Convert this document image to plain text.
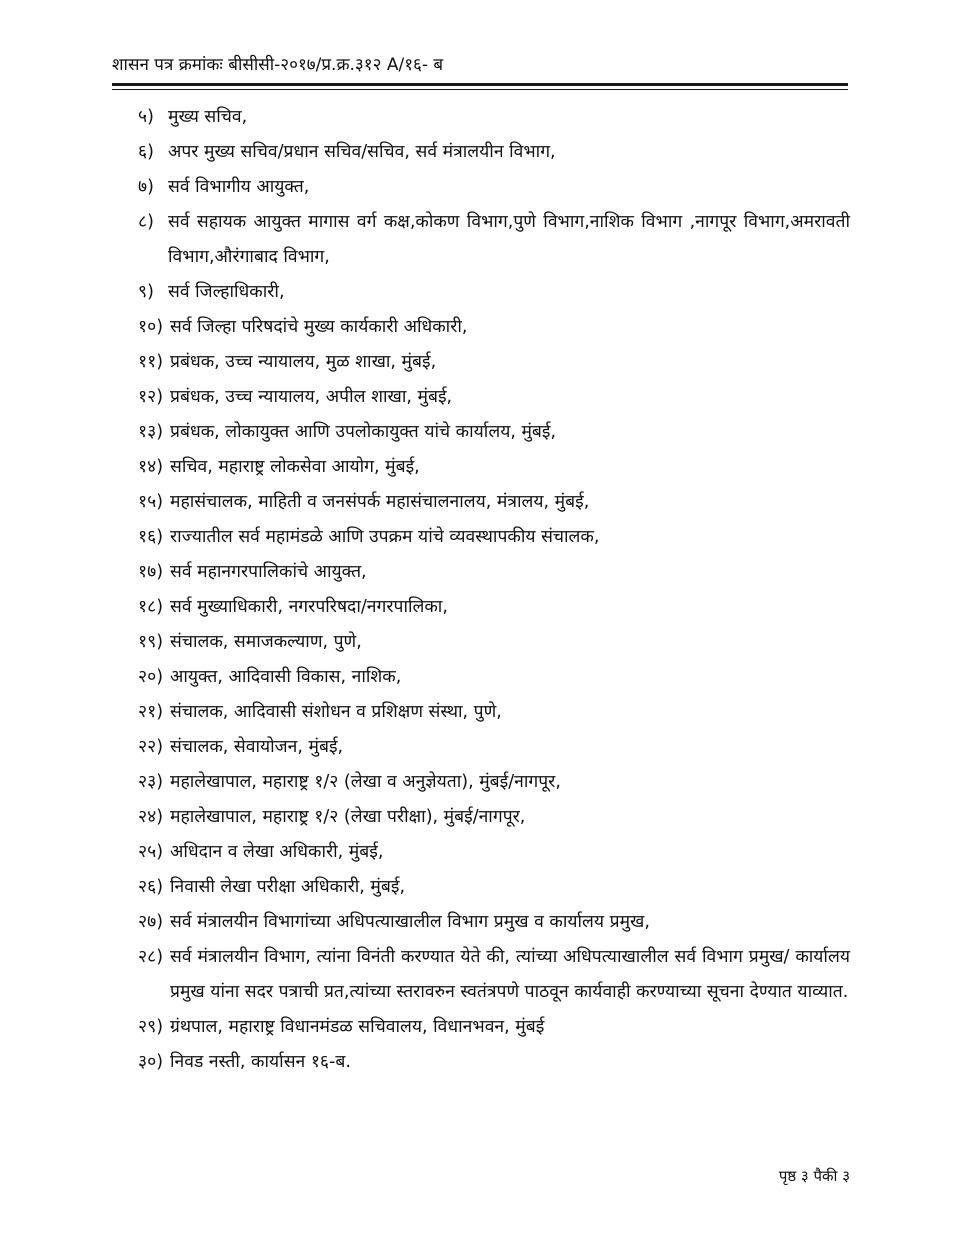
शासन पत्र क्रमांकः बीसीसी-२०१७/प्र.क्र.३१२ A/१६- ब
५) मुख्य सचिव,
६) अपर मुख्य सचिव/प्रधान सचिव/सचिव, सर्व मंत्रालयीन विभाग,
७) सर्व विभागीय आयुक्त,
८) सर्व सहायक आयुक्त मागास वर्ग कक्ष,कोकण विभाग,पुणे विभाग,नाशिक विभाग ,नागपूर विभाग,अमरावती विभाग,औरंगाबाद विभाग,
९) सर्व जिल्हाधिकारी,
१०) सर्व जिल्हा परिषदांचे मुख्य कार्यकारी अधिकारी,
११) प्रबंधक, उच्च न्यायालय, मुळ शाखा, मुंबई,
१२) प्रबंधक, उच्च न्यायालय, अपील शाखा, मुंबई,
१३) प्रबंधक, लोकायुक्त आणि उपलोकायुक्त यांचे कार्यालय, मुंबई,
१४) सचिव, महाराष्ट्र लोकसेवा आयोग, मुंबई,
१५) महासंचालक, माहिती व जनसंपर्क महासंचालनालय, मंत्रालय, मुंबई,
१६) राज्यातील सर्व महामंडळे आणि उपक्रम यांचे व्यवस्थापकीय संचालक,
१७) सर्व महानगरपालिकांचे आयुक्त,
१८) सर्व मुख्याधिकारी, नगरपरिषदा/नगरपालिका,
१९) संचालक, समाजकल्याण, पुणे,
२०) आयुक्त, आदिवासी विकास, नाशिक,
२१) संचालक, आदिवासी संशोधन व प्रशिक्षण संस्था, पुणे,
२२) संचालक, सेवायोजन, मुंबई,
२३) महालेखापाल, महाराष्ट्र १/२ (लेखा व अनुज्ञेयता), मुंबई/नागपूर,
२४) महालेखापाल, महाराष्ट्र १/२ (लेखा परीक्षा), मुंबई/नागपूर,
२५) अधिदान व लेखा अधिकारी, मुंबई,
२६) निवासी लेखा परीक्षा अधिकारी, मुंबई,
२७) सर्व मंत्रालयीन विभागांच्या अधिपत्याखालील विभाग प्रमुख व कार्यालय प्रमुख,
२८) सर्व मंत्रालयीन विभाग, त्यांना विनंती करण्यात येते की, त्यांच्या अधिपत्याखालील सर्व विभाग प्रमुख/ कार्यालय प्रमुख यांना सदर पत्राची प्रत,त्यांच्या स्तरावरुन स्वतंत्रपणे पाठवून कार्यवाही करण्याच्या सूचना देण्यात याव्यात.
२९) ग्रंथपाल, महाराष्ट्र विधानमंडळ सचिवालय, विधानभवन, मुंबई
३०) निवड नस्ती, कार्यासन १६-ब.
पृष्ठ ३ पैकी ३
